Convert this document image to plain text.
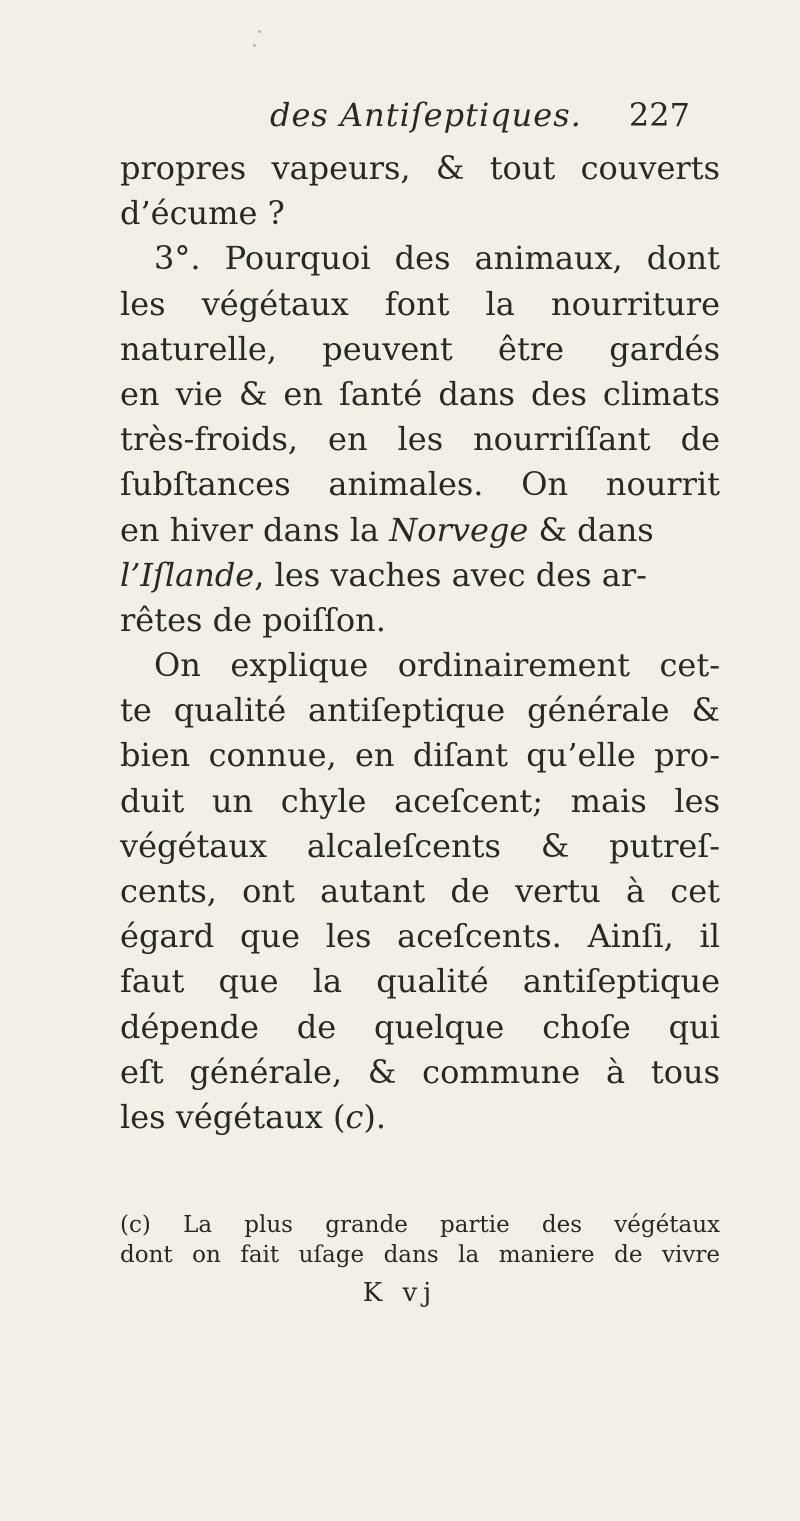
des Antiſeptiques. 227
propres vapeurs, & tout couverts
d’écume ?
3°. Pourquoi des animaux, dont
les végétaux font la nourriture
naturelle, peuvent être gardés
en vie & en ſanté dans des climats
très-froids, en les nourriſſant de
ſubſtances animales. On nourrit
en hiver dans la Norvege & dans
l’Iſlande, les vaches avec des ar-
rêtes de poiſſon.
On explique ordinairement cet-
te qualité antiſeptique générale &
bien connue, en diſant qu’elle pro-
duit un chyle aceſcent; mais les
végétaux alcaleſcents & putreſ-
cents, ont autant de vertu à cet
égard que les aceſcents. Ainſi, il
faut que la qualité antiſeptique
dépende de quelque choſe qui
eſt générale, & commune à tous
les végétaux (c).
(c) La plus grande partie des végétaux
dont on fait uſage dans la maniere de vivre
K vj
